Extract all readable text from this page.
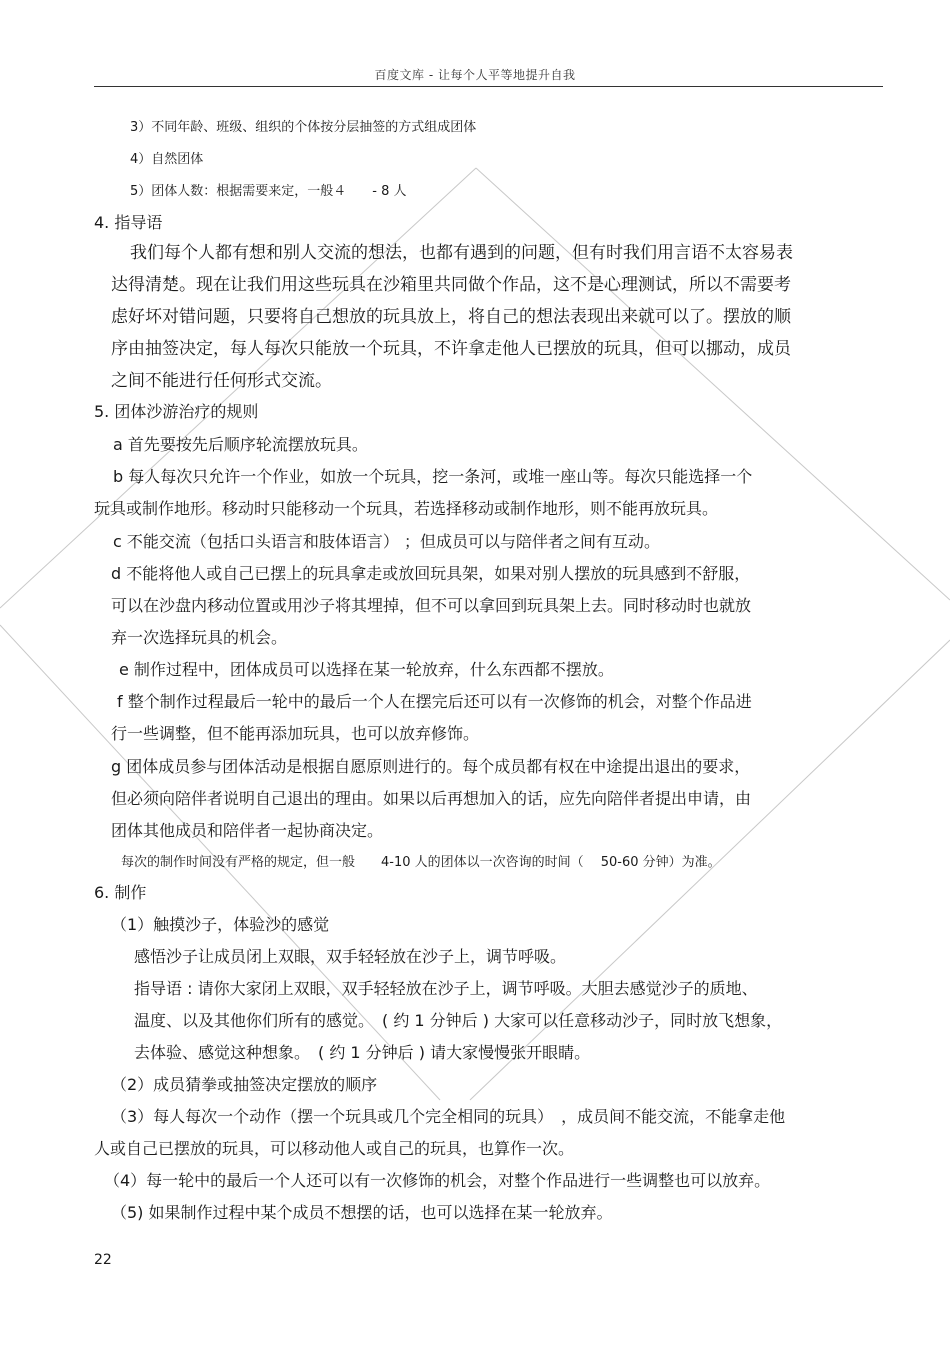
百度文库 - 让每个人平等地提升自我
3）不同年龄、班级、组织的个体按分层抽签的方式组成团体
4）自然团体
5）团体人数：根据需要来定，一般４　　- 8 人
4. 指导语
我们每个人都有想和别人交流的想法，也都有遇到的问题，但有时我们用言语不太容易表
达得清楚。现在让我们用这些玩具在沙箱里共同做个作品，这不是心理测试，所以不需要考
虑好坏对错问题，只要将自己想放的玩具放上，将自己的想法表现出来就可以了。摆放的顺
序由抽签决定，每人每次只能放一个玩具，不许拿走他人已摆放的玩具，但可以挪动，成员
之间不能进行任何形式交流。
5. 团体沙游治疗的规则
a 首先要按先后顺序轮流摆放玩具。
b 每人每次只允许一个作业，如放一个玩具，挖一条河，或堆一座山等。每次只能选择一个
玩具或制作地形。移动时只能移动一个玩具，若选择移动或制作地形，则不能再放玩具。
c 不能交流（包括口头语言和肢体语言） ；但成员可以与陪伴者之间有互动。
d 不能将他人或自己已摆上的玩具拿走或放回玩具架，如果对别人摆放的玩具感到不舒服，
可以在沙盘内移动位置或用沙子将其埋掉，但不可以拿回到玩具架上去。同时移动时也就放
弃一次选择玩具的机会。
e 制作过程中，团体成员可以选择在某一轮放弃，什么东西都不摆放。
f 整个制作过程最后一轮中的最后一个人在摆完后还可以有一次修饰的机会，对整个作品进
行一些调整，但不能再添加玩具，也可以放弃修饰。
g 团体成员参与团体活动是根据自愿原则进行的。每个成员都有权在中途提出退出的要求，
但必须向陪伴者说明自己退出的理由。如果以后再想加入的话，应先向陪伴者提出申请，由
团体其他成员和陪伴者一起协商决定。
每次的制作时间没有严格的规定，但一般　　4-10 人的团体以一次咨询的时间（　 50-60 分钟）为准。
6. 制作
（1）触摸沙子，体验沙的感觉
感悟沙子让成员闭上双眼，双手轻轻放在沙子上，调节呼吸。
指导语 : 请你大家闭上双眼，双手轻轻放在沙子上，调节呼吸。大胆去感觉沙子的质地、
温度、以及其他你们所有的感觉。　( 约 1 分钟后 ) 大家可以任意移动沙子，同时放飞想象，
去体验、感觉这种想象。　( 约 1 分钟后 ) 请大家慢慢张开眼睛。
（2）成员猜拳或抽签决定摆放的顺序
（3）每人每次一个动作（摆一个玩具或几个完全相同的玩具）　，成员间不能交流，不能拿走他
人或自己已摆放的玩具，可以移动他人或自己的玩具，也算作一次。
（4）每一轮中的最后一个人还可以有一次修饰的机会，对整个作品进行一些调整也可以放弃。
（5) 如果制作过程中某个成员不想摆的话，也可以选择在某一轮放弃。
22
